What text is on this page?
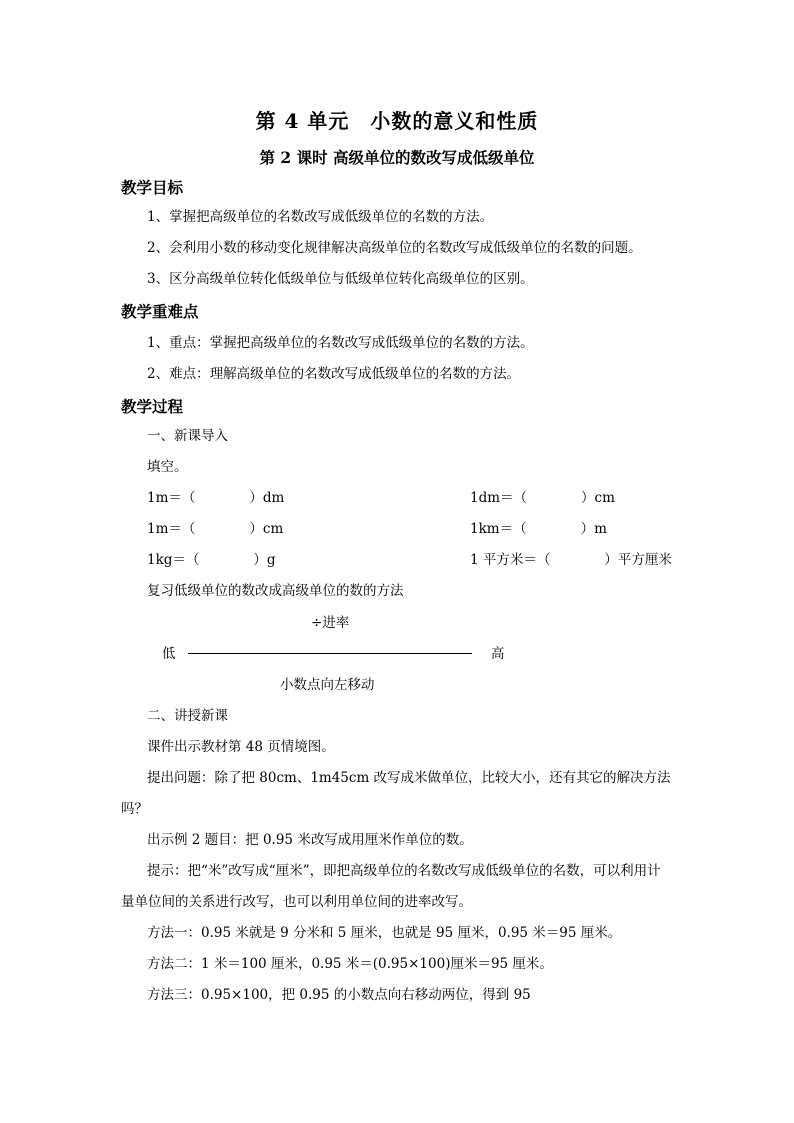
第 4 单元　小数的意义和性质
第 2 课时 高级单位的数改写成低级单位
教学目标
1、掌握把高级单位的名数改写成低级单位的名数的方法。
2、会利用小数的移动变化规律解决高级单位的名数改写成低级单位的名数的问题。
3、区分高级单位转化低级单位与低级单位转化高级单位的区别。
教学重难点
1、重点：掌握把高级单位的名数改写成低级单位的名数的方法。
2、难点：理解高级单位的名数改写成低级单位的名数的方法。
教学过程
一、新课导入
填空。
1m＝（　　　　）dm	1dm＝（　　　　）cm
1m＝（　　　　）cm	1km＝（　　　　）m
1kg＝（　　　　）g	1 平方米＝（　　　　）平方厘米
复习低级单位的数改成高级单位的数的方法
÷进率
低	高
小数点向左移动
二、讲授新课
课件出示教材第 48 页情境图。
提出问题：除了把 80cm、1m45cm 改写成米做单位，比较大小，还有其它的解决方法
吗？
出示例 2 题目：把 0.95 米改写成用厘米作单位的数。
提示：把“米”改写成“厘米”，即把高级单位的名数改写成低级单位的名数，可以利用计
量单位间的关系进行改写，也可以利用单位间的进率改写。
方法一：0.95 米就是 9 分米和 5 厘米，也就是 95 厘米，0.95 米＝95 厘米。
方法二：1 米＝100 厘米，0.95 米＝(0.95×100)厘米＝95 厘米。
方法三：0.95×100，把 0.95 的小数点向右移动两位，得到 95
